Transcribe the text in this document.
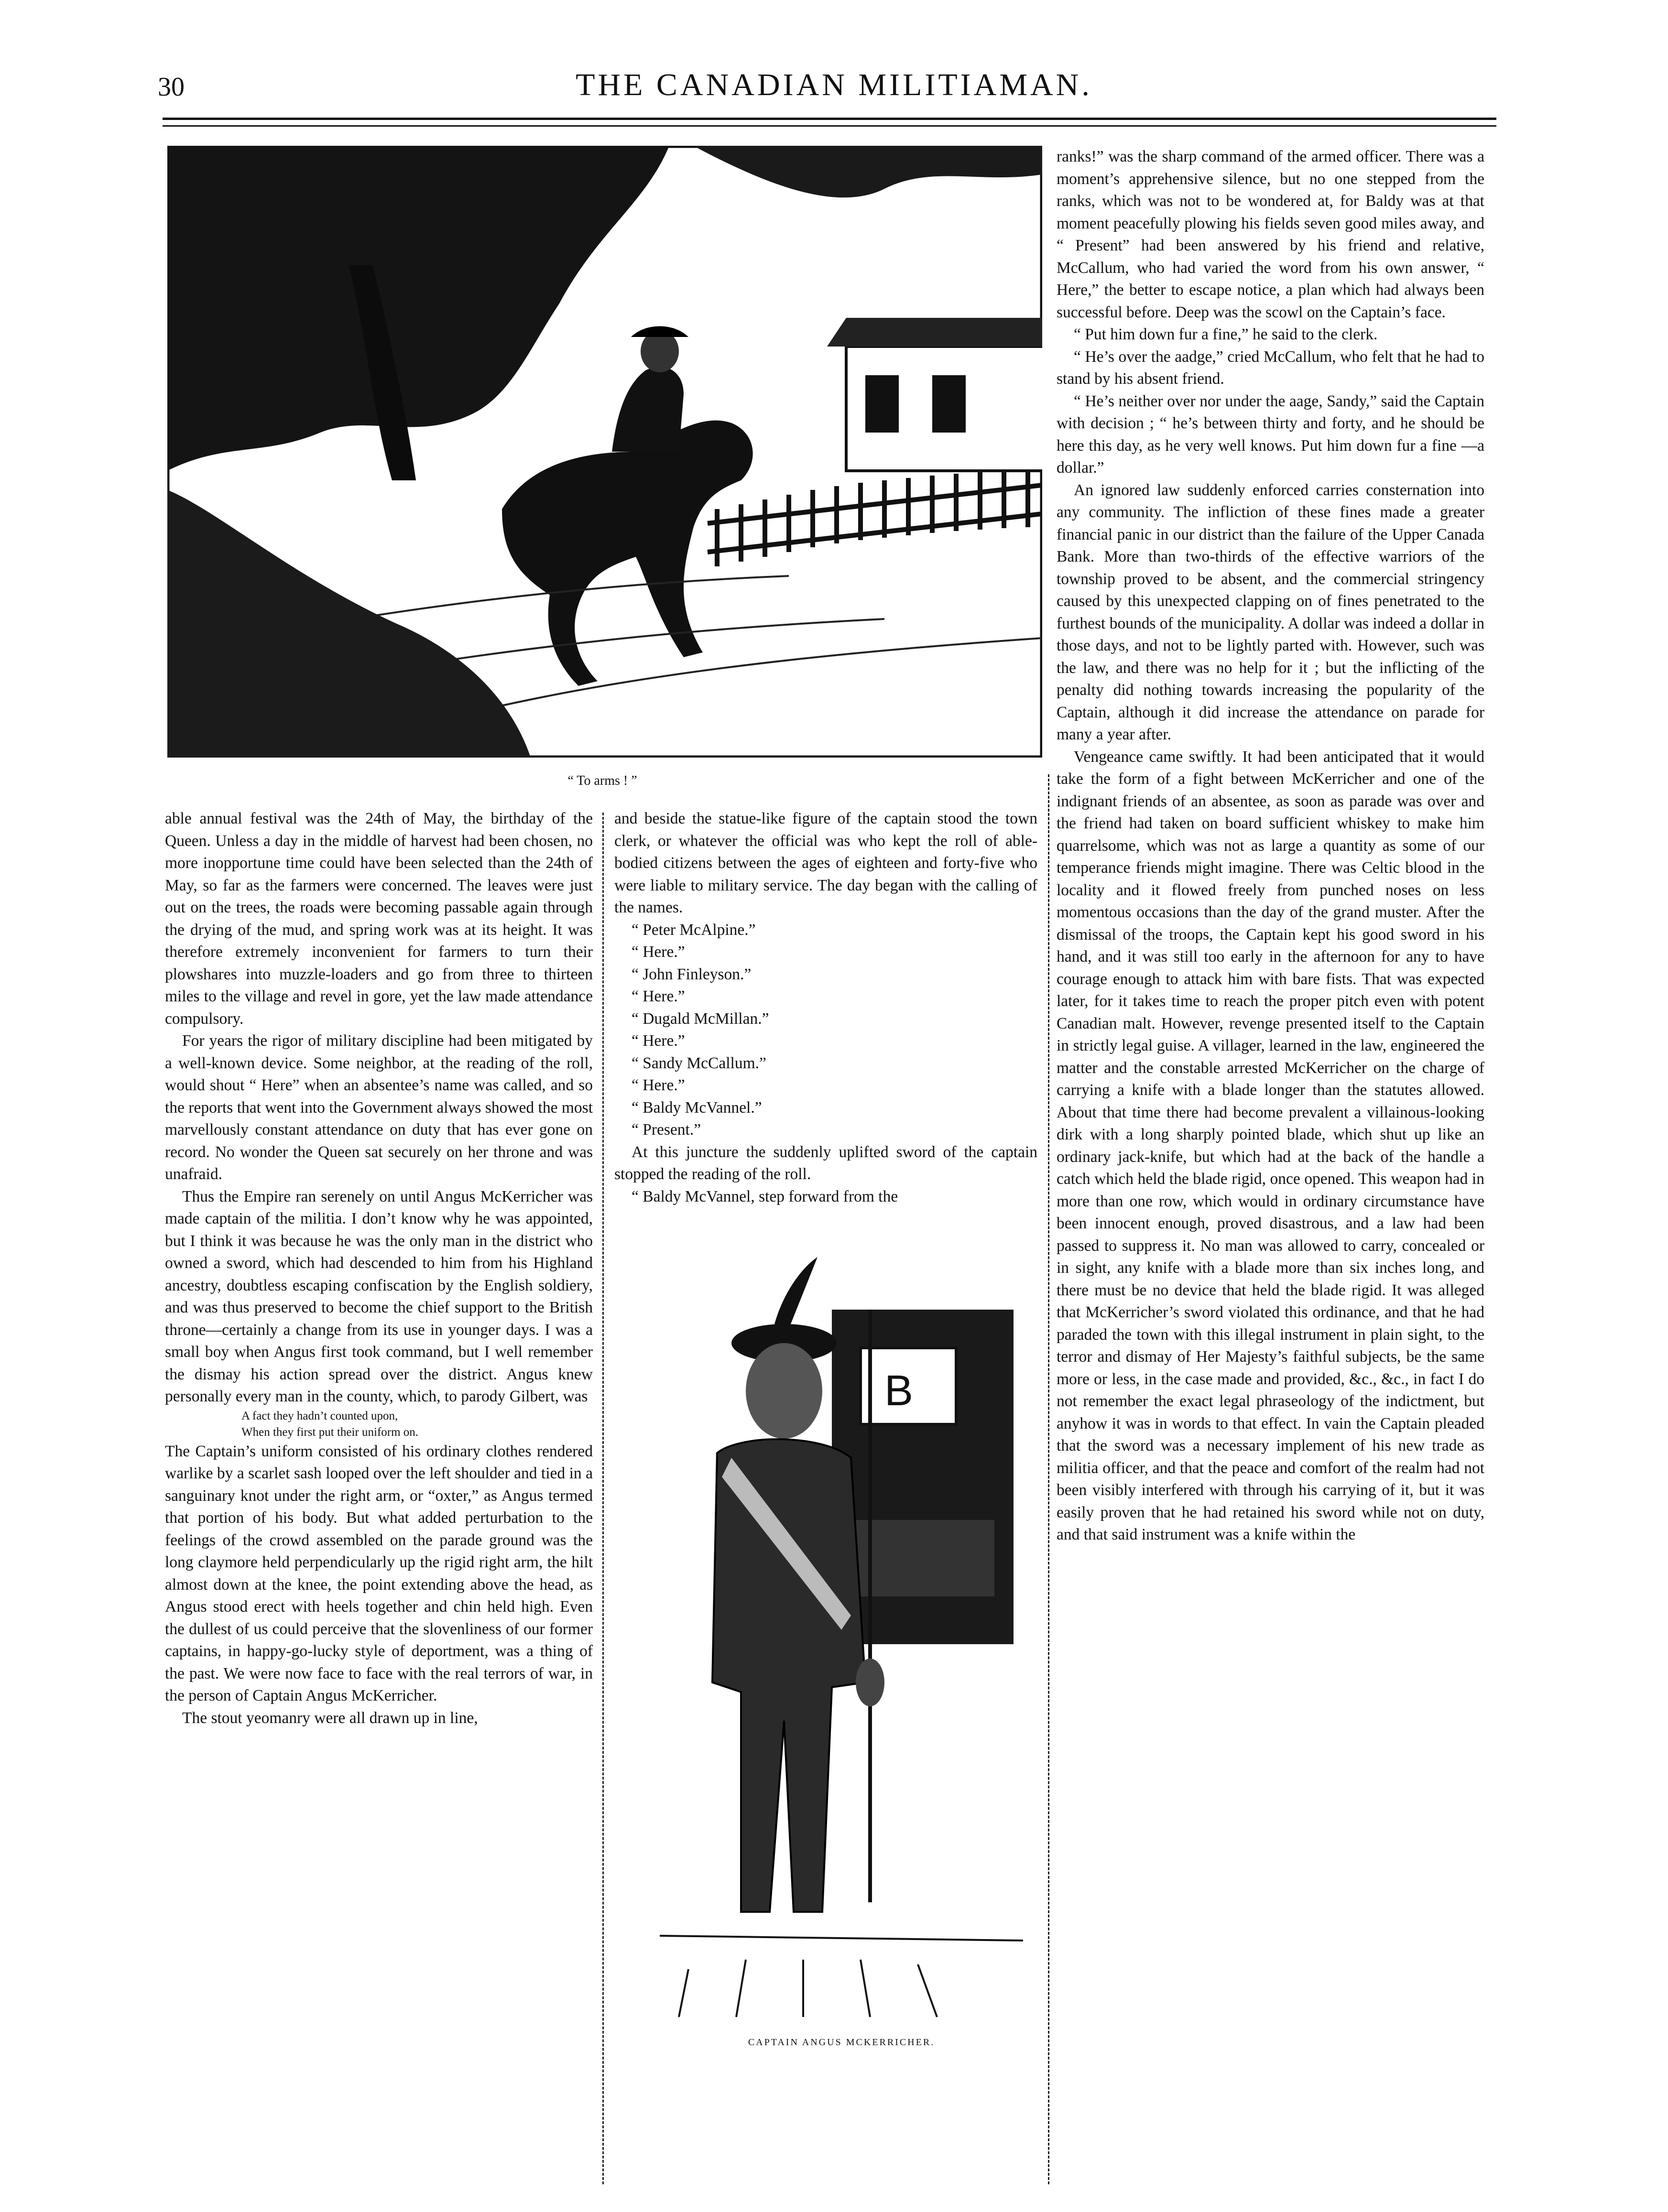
30	THE CANADIAN MILITIAMAN.
“ To arms ! ”

able annual festival was the 24th of May, the birthday of the Queen. Unless a day in the middle of harvest had been chosen, no more inopportune time could have been selected than the 24th of May, so far as the farmers were concerned. The leaves were just out on the trees, the roads were becoming passable again through the drying of the mud, and spring work was at its height. It was therefore extremely inconvenient for farmers to turn their plowshares into muzzle-loaders and go from three to thirteen miles to the village and revel in gore, yet the law made attendance compulsory.

For years the rigor of military discipline had been mitigated by a well-known device. Some neighbor, at the reading of the roll, would shout “ Here” when an absentee’s name was called, and so the reports that went into the Government always showed the most marvellously constant attendance on duty that has ever gone on record. No wonder the Queen sat securely on her throne and was unafraid.

Thus the Empire ran serenely on until Angus McKerricher was made captain of the militia. I don’t know why he was appointed, but I think it was because he was the only man in the district who owned a sword, which had descended to him from his Highland ancestry, doubtless escaping confiscation by the English soldiery, and was thus preserved to become the chief support to the British throne—certainly a change from its use in younger days. I was a small boy when Angus first took command, but I well remember the dismay his action spread over the district. Angus knew personally every man in the county, which, to parody Gilbert, was

A fact they hadn’t counted upon,
When they first put their uniform on.

The Captain’s uniform consisted of his ordinary clothes rendered warlike by a scarlet sash looped over the left shoulder and tied in a sanguinary knot under the right arm, or “oxter,” as Angus termed that portion of his body. But what added perturbation to the feelings of the crowd assembled on the parade ground was the long claymore held perpendicularly up the rigid right arm, the hilt almost down at the knee, the point extending above the head, as Angus stood erect with heels together and chin held high. Even the dullest of us could perceive that the slovenliness of our former captains, in happy-go-lucky style of deportment, was a thing of the past. We were now face to face with the real terrors of war, in the person of Captain Angus McKerricher.

The stout yeomanry were all drawn up in line,

and beside the statue-like figure of the captain stood the town clerk, or whatever the official was who kept the roll of able-bodied citizens between the ages of eighteen and forty-five who were liable to military service. The day began with the calling of the names.

“ Peter McAlpine.”

“ Here.”

“ John Finleyson.”

“ Here.”

“ Dugald McMillan.”

“ Here.”

“ Sandy McCallum.”

“ Here.”

“ Baldy McVannel.”

“ Present.”

At this juncture the suddenly uplifted sword of the captain stopped the reading of the roll.

“ Baldy McVannel, step forward from the

B
CAPTAIN ANGUS MCKERRICHER.

ranks!” was the sharp command of the armed officer. There was a moment’s apprehensive silence, but no one stepped from the ranks, which was not to be wondered at, for Baldy was at that moment peacefully plowing his fields seven good miles away, and “ Present” had been answered by his friend and relative, McCallum, who had varied the word from his own answer, “ Here,” the better to escape notice, a plan which had always been successful before. Deep was the scowl on the Captain’s face.

“ Put him down fur a fine,” he said to the clerk.

“ He’s over the aadge,” cried McCallum, who felt that he had to stand by his absent friend.

“ He’s neither over nor under the aage, Sandy,” said the Captain with decision ; “ he’s between thirty and forty, and he should be here this day, as he very well knows. Put him down fur a fine —a dollar.”

An ignored law suddenly enforced carries consternation into any community. The infliction of these fines made a greater financial panic in our district than the failure of the Upper Canada Bank. More than two-thirds of the effective warriors of the township proved to be absent, and the commercial stringency caused by this unexpected clapping on of fines penetrated to the furthest bounds of the municipality. A dollar was indeed a dollar in those days, and not to be lightly parted with. However, such was the law, and there was no help for it ; but the inflicting of the penalty did nothing towards increasing the popularity of the Captain, although it did increase the attendance on parade for many a year after.

Vengeance came swiftly. It had been anticipated that it would take the form of a fight between McKerricher and one of the indignant friends of an absentee, as soon as parade was over and the friend had taken on board sufficient whiskey to make him quarrelsome, which was not as large a quantity as some of our temperance friends might imagine. There was Celtic blood in the locality and it flowed freely from punched noses on less momentous occasions than the day of the grand muster. After the dismissal of the troops, the Captain kept his good sword in his hand, and it was still too early in the afternoon for any to have courage enough to attack him with bare fists. That was expected later, for it takes time to reach the proper pitch even with potent Canadian malt. However, revenge presented itself to the Captain in strictly legal guise. A villager, learned in the law, engineered the matter and the constable arrested McKerricher on the charge of carrying a knife with a blade longer than the statutes allowed. About that time there had become prevalent a villainous-looking dirk with a long sharply pointed blade, which shut up like an ordinary jack-knife, but which had at the back of the handle a catch which held the blade rigid, once opened. This weapon had in more than one row, which would in ordinary circumstance have been innocent enough, proved disastrous, and a law had been passed to suppress it. No man was allowed to carry, concealed or in sight, any knife with a blade more than six inches long, and there must be no device that held the blade rigid. It was alleged that McKerricher’s sword violated this ordinance, and that he had paraded the town with this illegal instrument in plain sight, to the terror and dismay of Her Majesty’s faithful subjects, be the same more or less, in the case made and provided, &c., &c., in fact I do not remember the exact legal phraseology of the indictment, but anyhow it was in words to that effect. In vain the Captain pleaded that the sword was a necessary implement of his new trade as militia officer, and that the peace and comfort of the realm had not been visibly interfered with through his carrying of it, but it was easily proven that he had retained his sword while not on duty, and that said instrument was a knife within the
